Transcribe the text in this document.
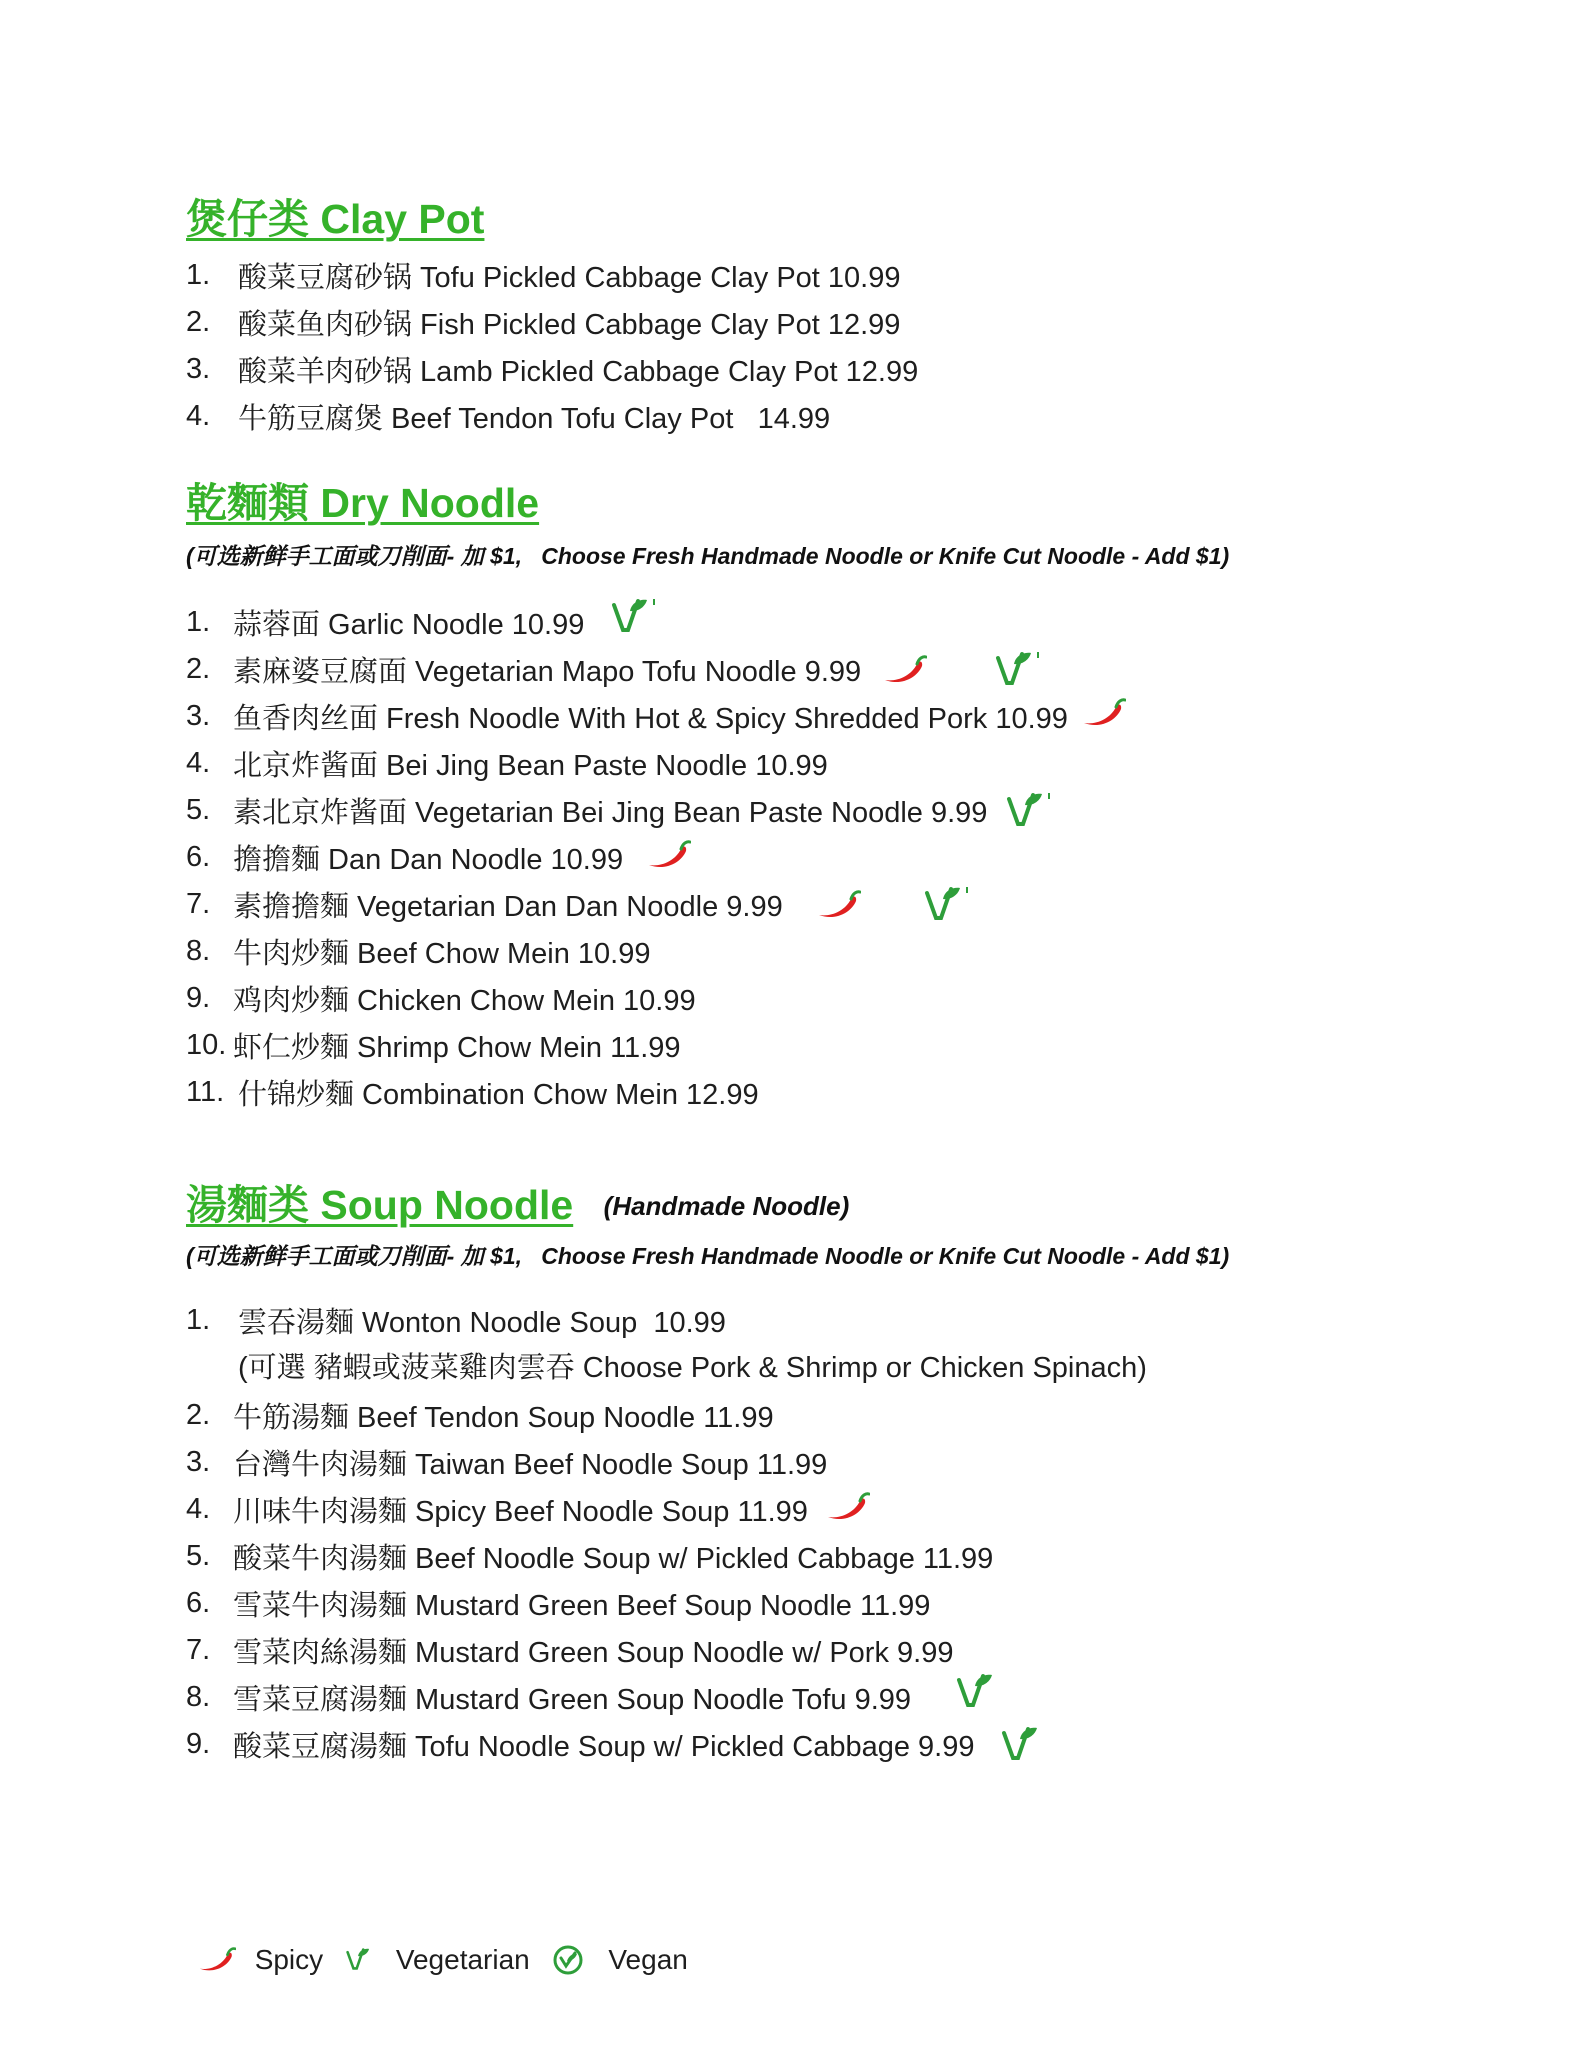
煲仔类 Clay Pot
1. 酸菜豆腐砂锅 Tofu Pickled Cabbage Clay Pot 10.99
2. 酸菜鱼肉砂锅 Fish Pickled Cabbage Clay Pot 12.99
3. 酸菜羊肉砂锅 Lamb Pickled Cabbage Clay Pot 12.99
4. 牛筋豆腐煲 Beef Tendon Tofu Clay Pot   14.99
乾麵類 Dry Noodle
(可选新鲜手工面或刀削面- 加 $1,   Choose Fresh Handmade Noodle or Knife Cut Noodle - Add $1)
1. 蒜蓉面 Garlic Noodle 10.99

2. 素麻婆豆腐面 Vegetarian Mapo Tofu Noodle 9.99

3. 鱼香肉丝面 Fresh Noodle With Hot & Spicy Shredded Pork 10.99

4. 北京炸酱面 Bei Jing Bean Paste Noodle 10.99
5. 素北京炸酱面 Vegetarian Bei Jing Bean Paste Noodle 9.99

6. 擔擔麵 Dan Dan Noodle 10.99

7. 素擔擔麵 Vegetarian Dan Dan Noodle 9.99

8. 牛肉炒麵 Beef Chow Mein 10.99
9. 鸡肉炒麵 Chicken Chow Mein 10.99
10. 虾仁炒麵 Shrimp Chow Mein 11.99
11. 什锦炒麵 Combination Chow Mein 12.99
湯麵类 Soup Noodle (Handmade Noodle)
(可选新鲜手工面或刀削面- 加 $1,   Choose Fresh Handmade Noodle or Knife Cut Noodle - Add $1)
1. 雲吞湯麵 Wonton Noodle Soup  10.99
(可選 豬蝦或菠菜雞肉雲吞 Choose Pork & Shrimp or Chicken Spinach)
2. 牛筋湯麵 Beef Tendon Soup Noodle 11.99
3. 台灣牛肉湯麵 Taiwan Beef Noodle Soup 11.99
4. 川味牛肉湯麵 Spicy Beef Noodle Soup 11.99

5. 酸菜牛肉湯麵 Beef Noodle Soup w/ Pickled Cabbage 11.99
6. 雪菜牛肉湯麵 Mustard Green Beef Soup Noodle 11.99
7. 雪菜肉絲湯麵 Mustard Green Soup Noodle w/ Pork 9.99
8. 雪菜豆腐湯麵 Mustard Green Soup Noodle Tofu 9.99

9. 酸菜豆腐湯麵 Tofu Noodle Soup w/ Pickled Cabbage 9.99

Spicy

	Vegetarian

	Vegan
